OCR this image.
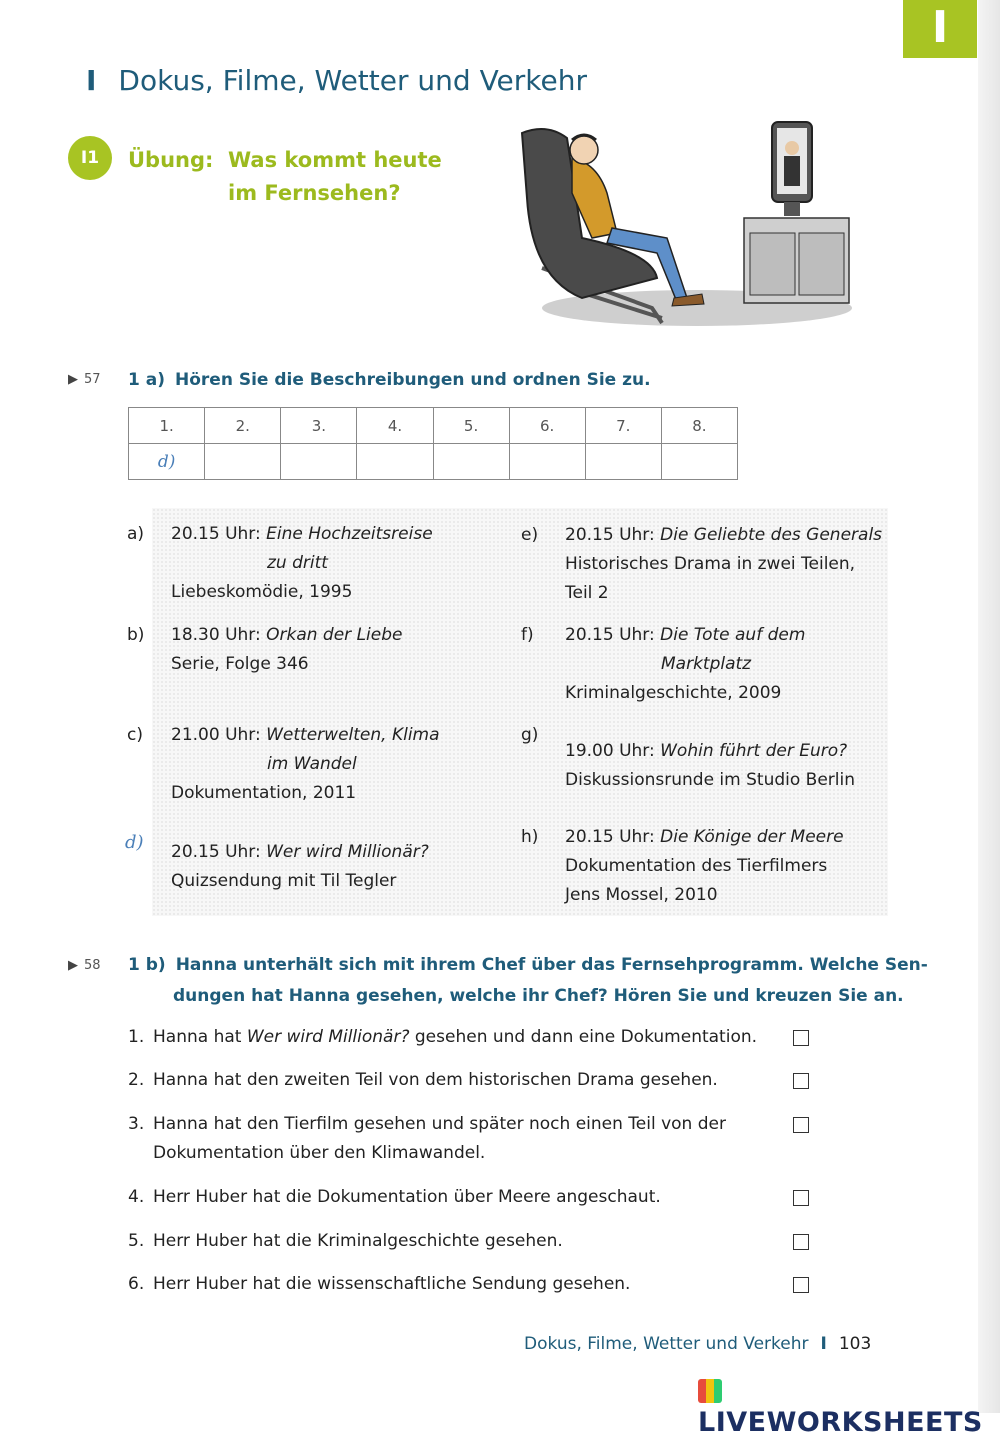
I
I Dokus, Filme, Wetter und Verkehr
I1	Übung: Was kommt heute
im Fernsehen?
▶ 57 1 a) Hören Sie die Beschreibungen und ordnen Sie zu.
1.	2.	3.	4.	5.	6.	7.	8.
d)							
a) 20.15 Uhr: Eine Hochzeitsreise
zu dritt
Liebeskomödie, 1995
b) 18.30 Uhr: Orkan der Liebe
Serie, Folge 346
c) 21.00 Uhr: Wetterwelten, Klima
im Wandel
Dokumentation, 2011
d) 20.15 Uhr: Wer wird Millionär?
Quizsendung mit Til Tegler
e) 20.15 Uhr: Die Geliebte des Generals
Historisches Drama in zwei Teilen,
Teil 2
f) 20.15 Uhr: Die Tote auf dem
Marktplatz
Kriminalgeschichte, 2009
g)
19.00 Uhr: Wohin führt der Euro?
Diskussionsrunde im Studio Berlin
h) 20.15 Uhr: Die Könige der Meere
Dokumentation des Tierfilmers
Jens Mossel, 2010
▶ 58 1 b) Hanna unterhält sich mit ihrem Chef über das Fernsehprogramm. Welche Sen-
dungen hat Hanna gesehen, welche ihr Chef? Hören Sie und kreuzen Sie an.
1. Hanna hat Wer wird Millionär? gesehen und dann eine Dokumentation.
2. Hanna hat den zweiten Teil von dem historischen Drama gesehen.
3. Hanna hat den Tierfilm gesehen und später noch einen Teil von der
Dokumentation über den Klimawandel.
4. Herr Huber hat die Dokumentation über Meere angeschaut.
5. Herr Huber hat die Kriminalgeschichte gesehen.
6. Herr Huber hat die wissenschaftliche Sendung gesehen.
Dokus, Filme, Wetter und Verkehr I 103
LIVEWORKSHEETS
